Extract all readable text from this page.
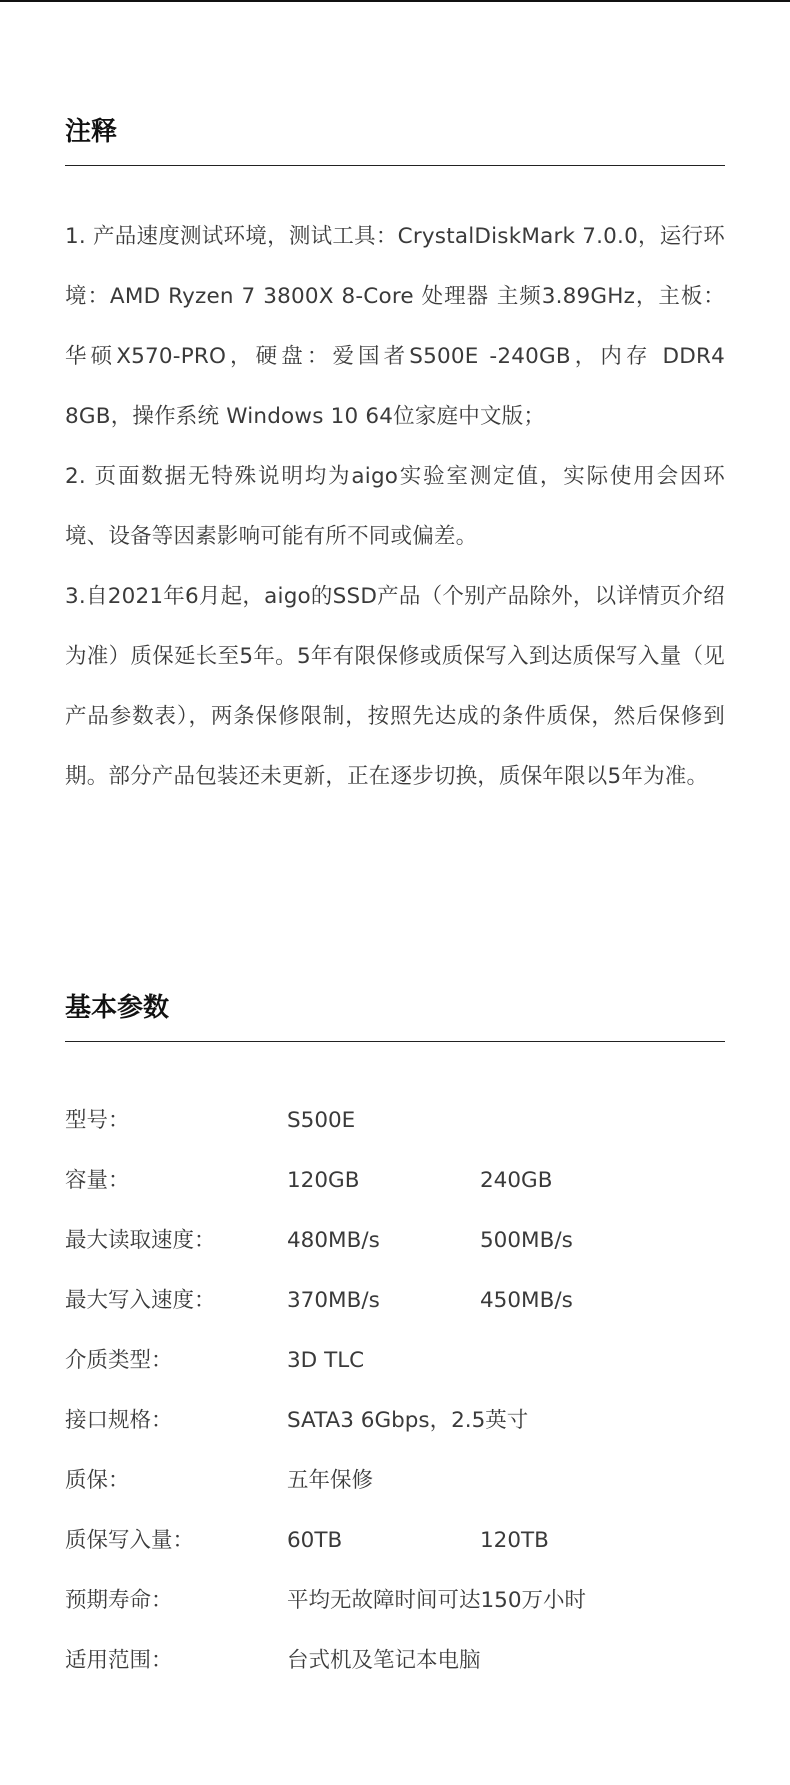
注释

1. 产品速度测试环境，测试工具：CrystalDiskMark 7.0.0，运行环境：AMD Ryzen 7 3800X 8-Core 处理器 主频3.89GHz，主板：华硕X570-PRO，硬盘：爱国者S500E -240GB，内存 DDR4 8GB，操作系统 Windows 10 64位家庭中文版；

2. 页面数据无特殊说明均为aigo实验室测定值，实际使用会因环境、设备等因素影响可能有所不同或偏差。

3.自2021年6月起，aigo的SSD产品（个别产品除外，以详情页介绍为准）质保延长至5年。5年有限保修或质保写入到达质保写入量（见产品参数表），两条保修限制，按照先达成的条件质保，然后保修到期。部分产品包装还未更新，正在逐步切换，质保年限以5年为准。

基本参数
型号：	S500E
容量：	120GB	240GB
最大读取速度：	480MB/s	500MB/s
最大写入速度：	370MB/s	450MB/s
介质类型：	3D TLC
接口规格：	SATA3 6Gbps，2.5英寸
质保：	五年保修
质保写入量：	60TB	120TB
预期寿命：	平均无故障时间可达150万小时
适用范围：	台式机及笔记本电脑
